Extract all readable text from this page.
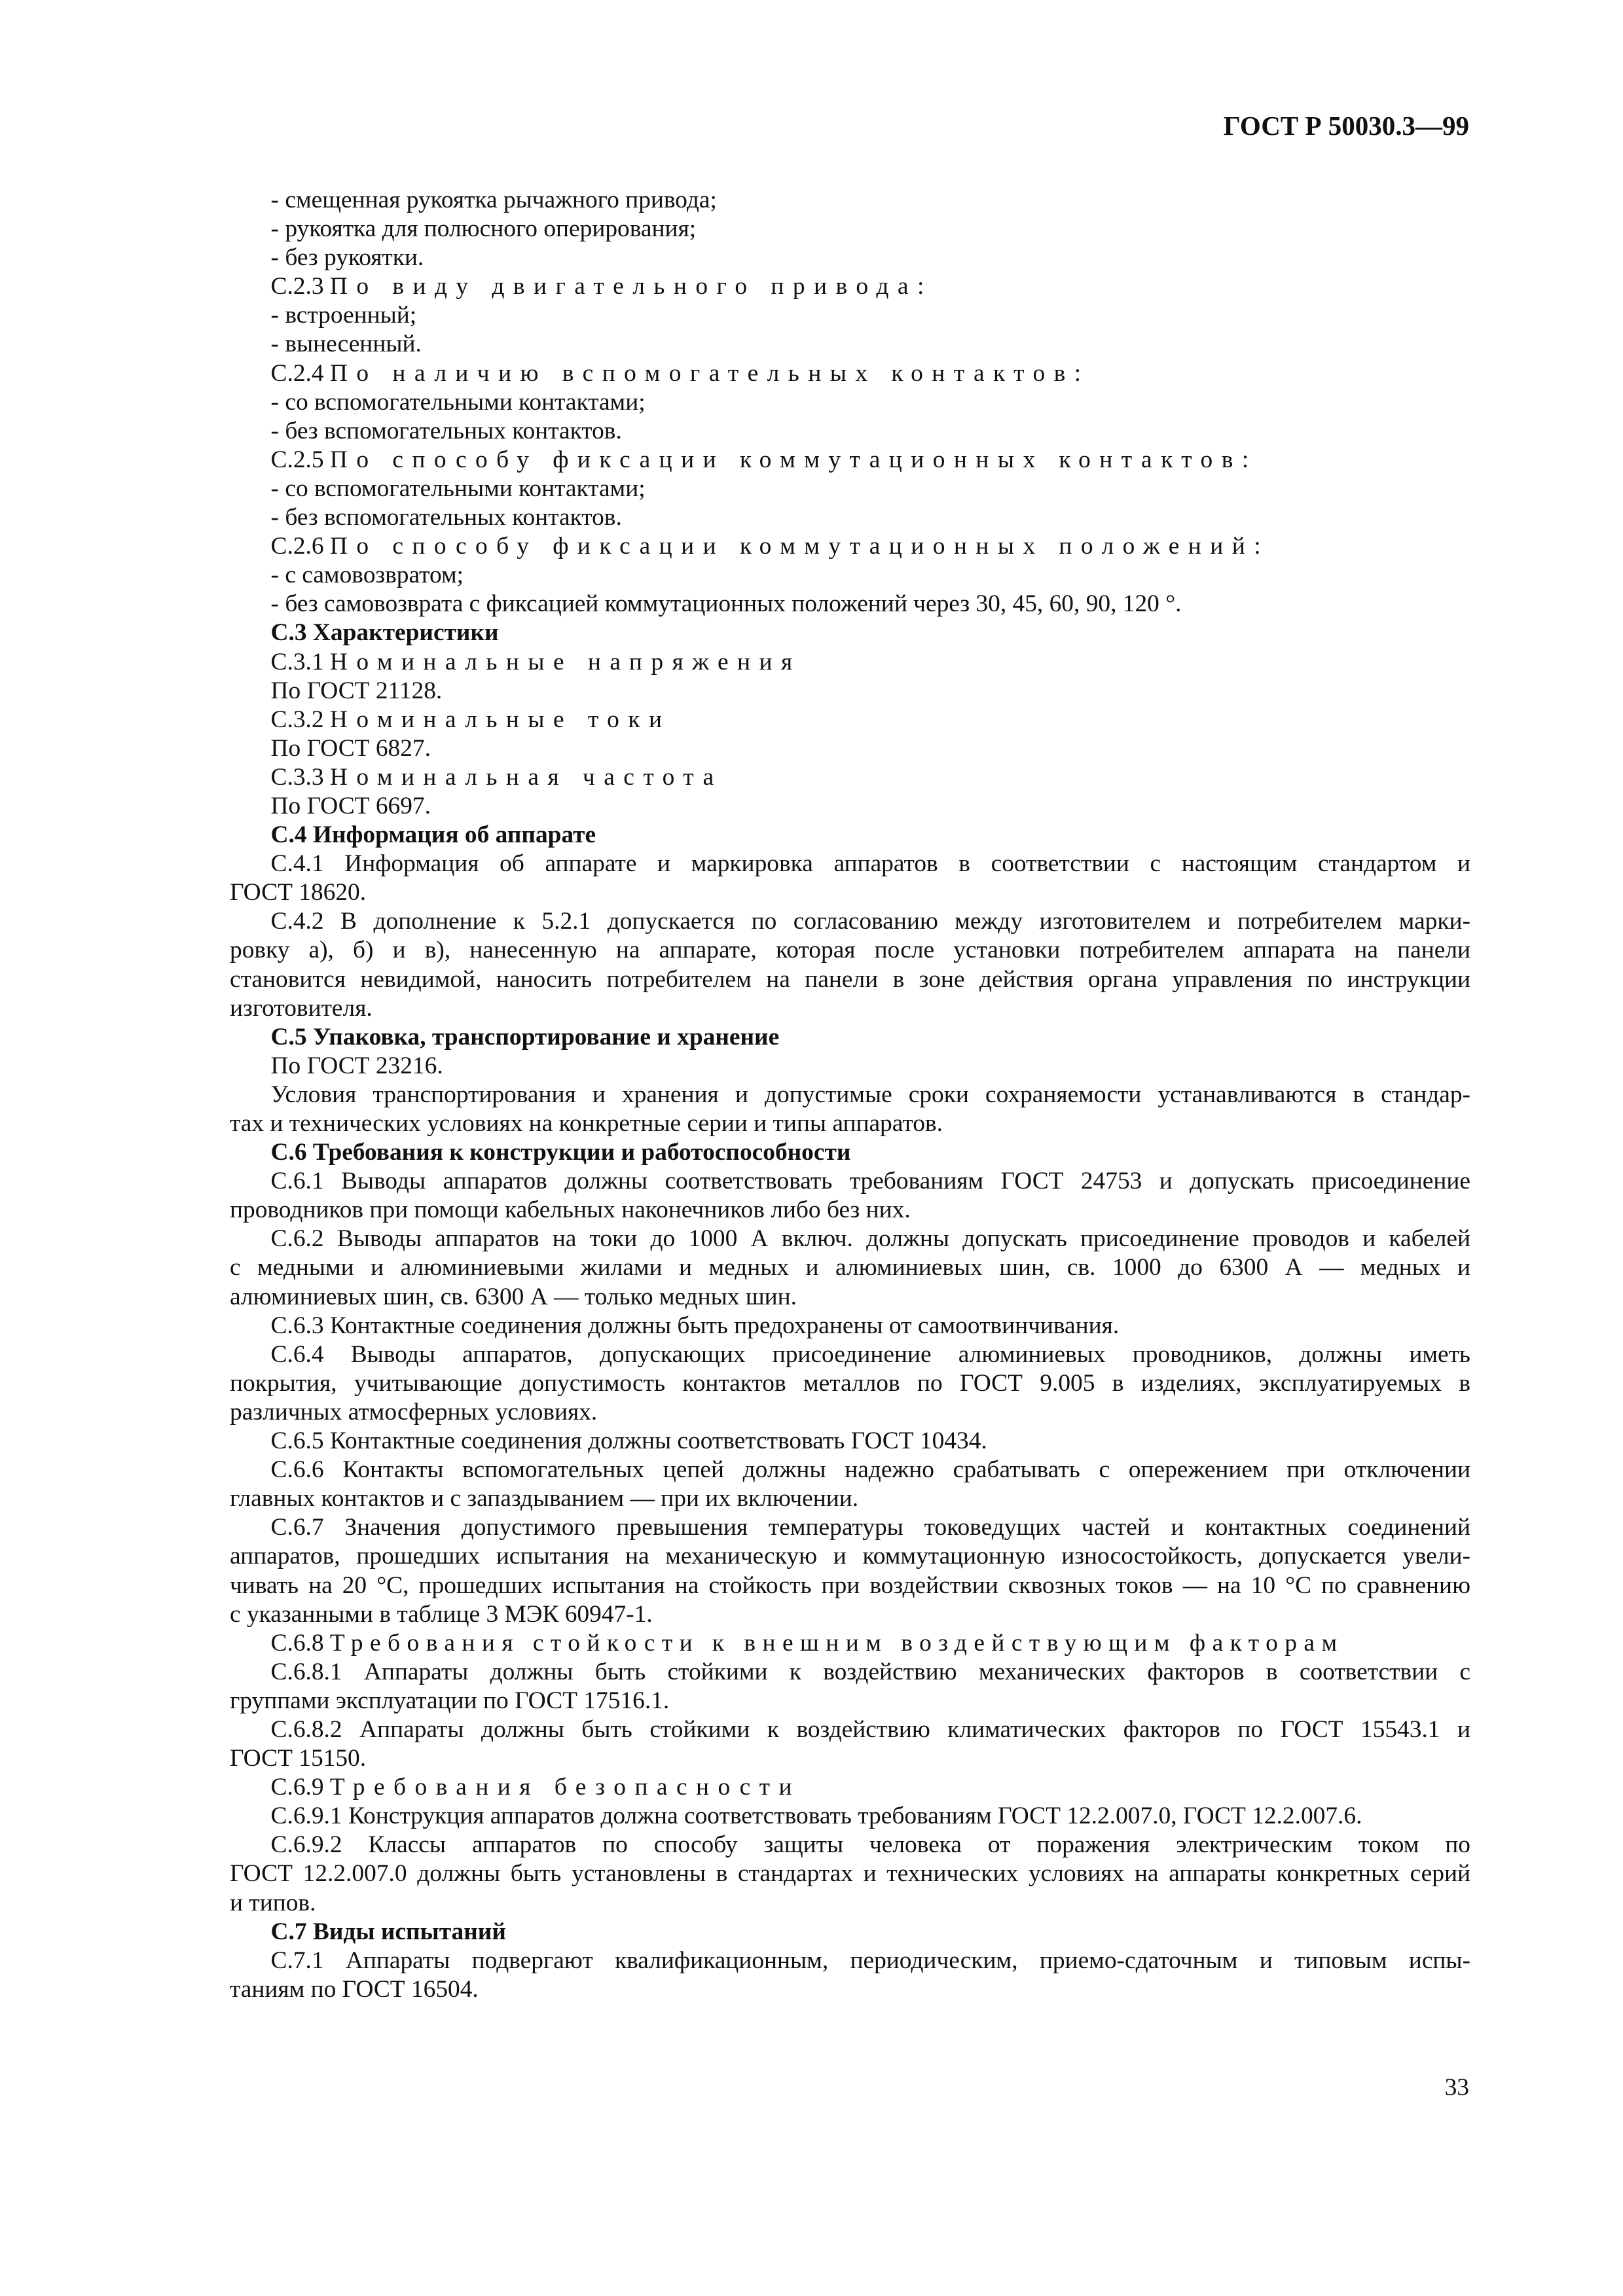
ГОСТ Р 50030.3—99
- смещенная рукоятка рычажного привода;
- рукоятка для полюсного оперирования;
- без рукоятки.
С.2.3 По виду двигательного привода:
- встроенный;
- вынесенный.
С.2.4 По наличию вспомогательных контактов:
- со вспомогательными контактами;
- без вспомогательных контактов.
С.2.5 По способу фиксации коммутационных контактов:
- со вспомогательными контактами;
- без вспомогательных контактов.
С.2.6 По способу фиксации коммутационных положений:
- с самовозвратом;
- без самовозврата с фиксацией коммутационных положений через 30, 45, 60, 90, 120 °.
С.3 Характеристики
С.3.1 Номинальные напряжения
По ГОСТ 21128.
С.3.2 Номинальные токи
По ГОСТ 6827.
С.3.3 Номинальная частота
По ГОСТ 6697.
С.4 Информация об аппарате
С.4.1 Информация об аппарате и маркировка аппаратов в соответствии с настоящим стандартом и
ГОСТ 18620.
С.4.2 В дополнение к 5.2.1 допускается по согласованию между изготовителем и потребителем марки-
ровку а), б) и в), нанесенную на аппарате, которая после установки потребителем аппарата на панели
становится невидимой, наносить потребителем на панели в зоне действия органа управления по инструкции
изготовителя.
С.5 Упаковка, транспортирование и хранение
По ГОСТ 23216.
Условия транспортирования и хранения и допустимые сроки сохраняемости устанавливаются в стандар-
тах и технических условиях на конкретные серии и типы аппаратов.
С.6 Требования к конструкции и работоспособности
С.6.1 Выводы аппаратов должны соответствовать требованиям ГОСТ 24753 и допускать присоединение
проводников при помощи кабельных наконечников либо без них.
С.6.2 Выводы аппаратов на токи до 1000 А включ. должны допускать присоединение проводов и кабелей
с медными и алюминиевыми жилами и медных и алюминиевых шин, св. 1000 до 6300 А — медных и
алюминиевых шин, св. 6300 А — только медных шин.
С.6.3 Контактные соединения должны быть предохранены от самоотвинчивания.
С.6.4 Выводы аппаратов, допускающих присоединение алюминиевых проводников, должны иметь
покрытия, учитывающие допустимость контактов металлов по ГОСТ 9.005 в изделиях, эксплуатируемых в
различных атмосферных условиях.
С.6.5 Контактные соединения должны соответствовать ГОСТ 10434.
С.6.6 Контакты вспомогательных цепей должны надежно срабатывать с опережением при отключении
главных контактов и с запаздыванием — при их включении.
С.6.7 Значения допустимого превышения температуры токоведущих частей и контактных соединений
аппаратов, прошедших испытания на механическую и коммутационную износостойкость, допускается увели-
чивать на 20 °С, прошедших испытания на стойкость при воздействии сквозных токов — на 10 °С по сравнению
с указанными в таблице 3 МЭК 60947-1.
С.6.8 Требования стойкости к внешним воздействующим факторам
С.6.8.1 Аппараты должны быть стойкими к воздействию механических факторов в соответствии с
группами эксплуатации по ГОСТ 17516.1.
С.6.8.2 Аппараты должны быть стойкими к воздействию климатических факторов по ГОСТ 15543.1 и
ГОСТ 15150.
С.6.9 Требования безопасности
С.6.9.1 Конструкция аппаратов должна соответствовать требованиям ГОСТ 12.2.007.0, ГОСТ 12.2.007.6.
С.6.9.2 Классы аппаратов по способу защиты человека от поражения электрическим током по
ГОСТ 12.2.007.0 должны быть установлены в стандартах и технических условиях на аппараты конкретных серий
и типов.
С.7 Виды испытаний
С.7.1 Аппараты подвергают квалификационным, периодическим, приемо-сдаточным и типовым испы-
таниям по ГОСТ 16504.
33
